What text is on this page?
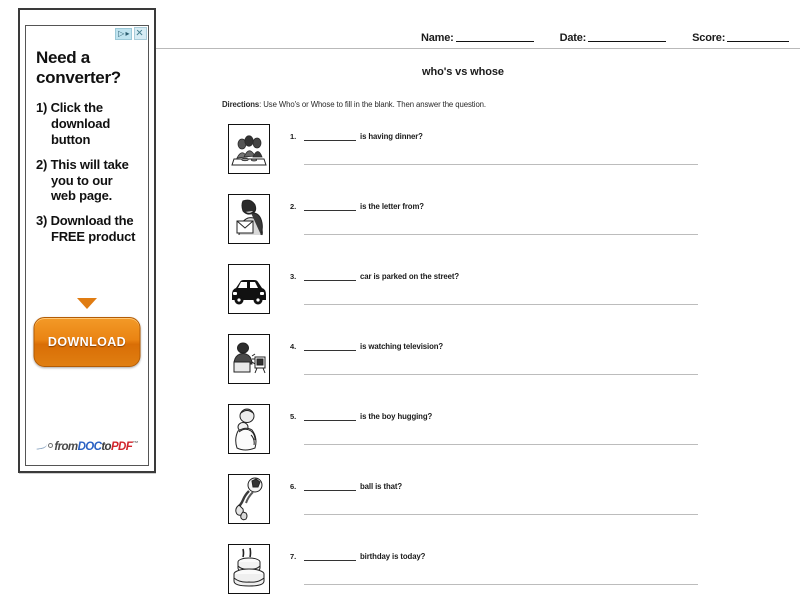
▷ ▸
Need a converter?
1) Click the download button
2) This will take you to our web page.
3) Download the FREE product
DOWNLOAD
fromDOCtoPDF™
Name:	Date:	Score:
who's vs whose
Directions: Use Who's or Whose to fill in the blank. Then answer the question.
1.	is having dinner?
2.	is the letter from?
3.	car is parked on the street?
4.	is watching television?
5.	is the boy hugging?
6.	ball is that?
7.	birthday is today?
